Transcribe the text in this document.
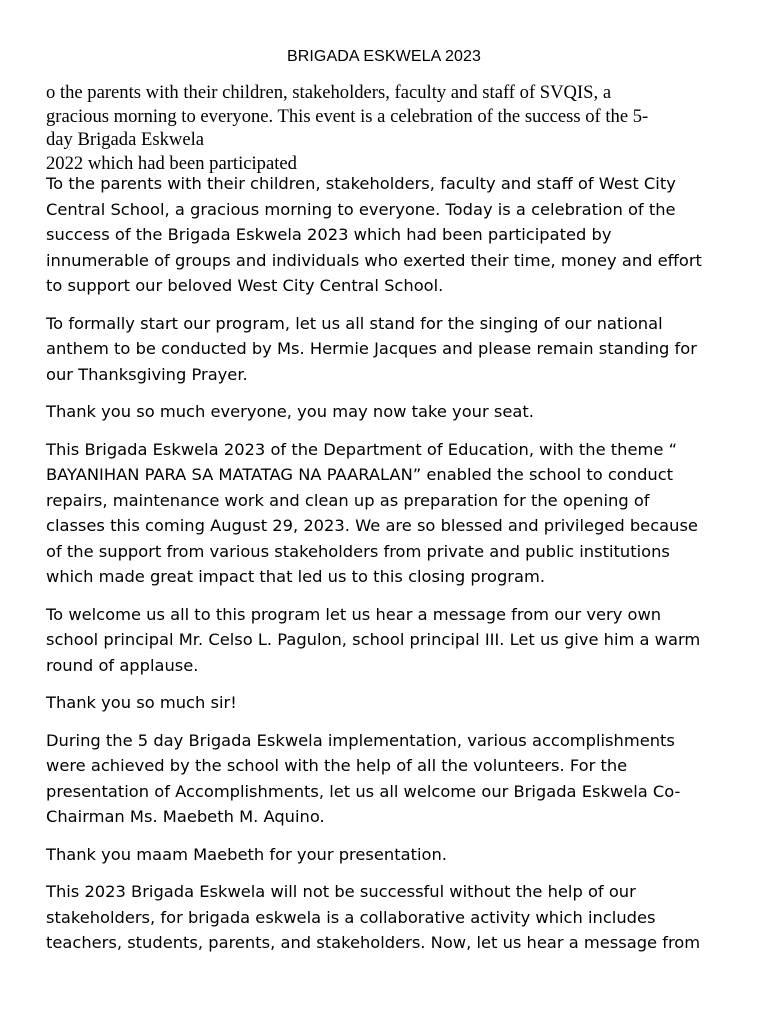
BRIGADA ESKWELA 2023
o the parents with their children, stakeholders, faculty and staff of SVQIS, a
gracious morning to everyone. This event is a celebration of the success of the 5-
day Brigada Eskwela
2022 which had been participated

To the parents with their children, stakeholders, faculty and staff of West City
Central School, a gracious morning to everyone. Today is a celebration of the
success of the Brigada Eskwela 2023 which had been participated by
innumerable of groups and individuals who exerted their time, money and effort
to support our beloved West City Central School.

To formally start our program, let us all stand for the singing of our national
anthem to be conducted by Ms. Hermie Jacques and please remain standing for
our Thanksgiving Prayer.

Thank you so much everyone, you may now take your seat.

This Brigada Eskwela 2023 of the Department of Education, with the theme “
BAYANIHAN PARA SA MATATAG NA PAARALAN” enabled the school to conduct
repairs, maintenance work and clean up as preparation for the opening of
classes this coming August 29, 2023. We are so blessed and privileged because
of the support from various stakeholders from private and public institutions
which made great impact that led us to this closing program.

To welcome us all to this program let us hear a message from our very own
school principal Mr. Celso L. Pagulon, school principal III. Let us give him a warm
round of applause.

Thank you so much sir!

During the 5 day Brigada Eskwela implementation, various accomplishments
were achieved by the school with the help of all the volunteers. For the
presentation of Accomplishments, let us all welcome our Brigada Eskwela Co-
Chairman Ms. Maebeth M. Aquino.

Thank you maam Maebeth for your presentation.

This 2023 Brigada Eskwela will not be successful without the help of our
stakeholders, for brigada eskwela is a collaborative activity which includes
teachers, students, parents, and stakeholders. Now, let us hear a message from
